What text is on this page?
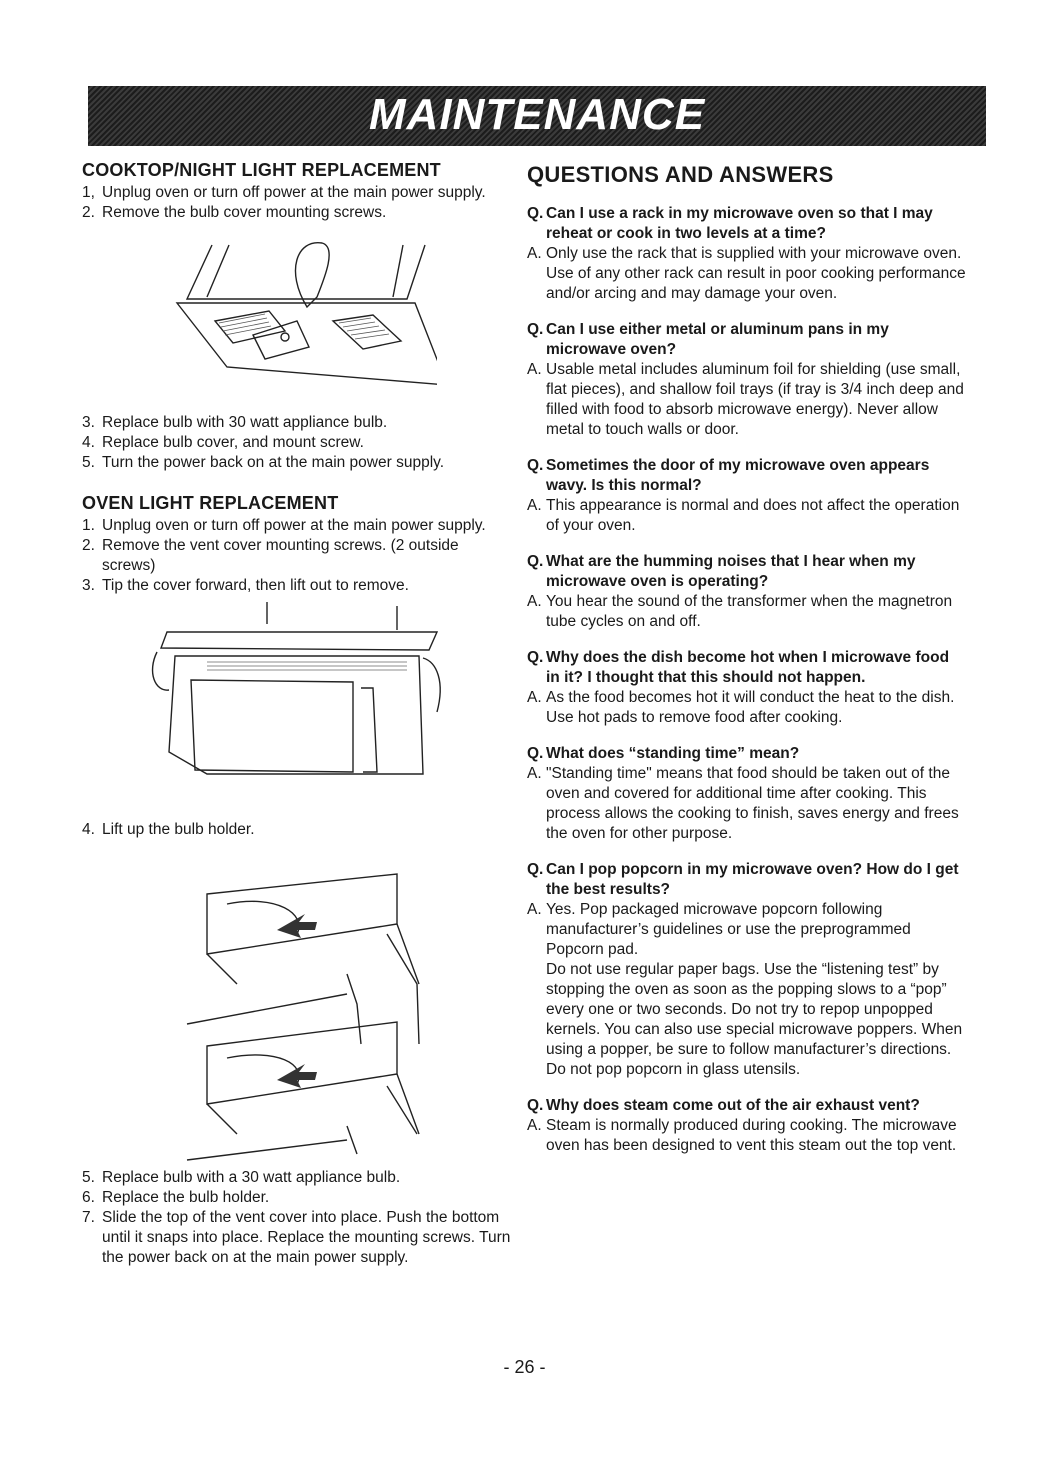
MAINTENANCE
COOKTOP/NIGHT LIGHT REPLACEMENT
1, Unplug oven or turn off power at the main power supply.
2. Remove the bulb cover mounting screws.
3. Replace bulb with 30 watt appliance bulb.
4. Replace bulb cover, and mount screw.
5. Turn the power back on at the main power supply.
OVEN LIGHT REPLACEMENT
1. Unplug oven or turn off power at the main power supply.
2. Remove the vent cover mounting screws. (2 outside screws)
3. Tip the cover forward, then lift out to remove.
4. Lift up the bulb holder.
5. Replace bulb with a 30 watt appliance bulb.
6. Replace the bulb holder.
7. Slide the top of the vent cover into place. Push the bottom until it snaps into place. Replace the mounting screws. Turn the power back on at the main power supply.
QUESTIONS AND ANSWERS
Q. Can I use a rack in my microwave oven so that I may reheat or cook in two levels at a time?
A. Only use the rack that is supplied with your microwave oven. Use of any other rack can result in poor cooking performance and/or arcing and may damage your oven.

Q. Can I use either metal or aluminum pans in my microwave oven?
A. Usable metal includes aluminum foil for shielding (use small, flat pieces), and shallow foil trays (if tray is 3/4 inch deep and filled with food to absorb microwave energy). Never allow metal to touch walls or door.

Q. Sometimes the door of my microwave oven appears wavy. Is this normal?
A. This appearance is normal and does not affect the operation of your oven.

Q. What are the humming noises that I hear when my microwave oven is operating?
A. You hear the sound of the transformer when the magnetron tube cycles on and off.

Q. Why does the dish become hot when I microwave food in it? I thought that this should not happen.
A. As the food becomes hot it will conduct the heat to the dish. Use hot pads to remove food after cooking.

Q. What does “standing time” mean?
A. "Standing time" means that food should be taken out of the oven and covered for additional time after cooking. This process allows the cooking to finish, saves energy and frees the oven for other purpose.

Q. Can I pop popcorn in my microwave oven? How do I get the best results?
A. Yes. Pop packaged microwave popcorn following manufacturer’s guidelines or use the preprogrammed Popcorn pad.

Do not use regular paper bags. Use the “listening test” by stopping the oven as soon as the popping slows to a “pop” every one or two seconds. Do not try to repop unpopped kernels. You can also use special microwave poppers. When using a popper, be sure to follow manufacturer’s directions. Do not pop popcorn in glass utensils.

Q. Why does steam come out of the air exhaust vent?
A. Steam is normally produced during cooking. The microwave oven has been designed to vent this steam out the top vent.

- 26 -
